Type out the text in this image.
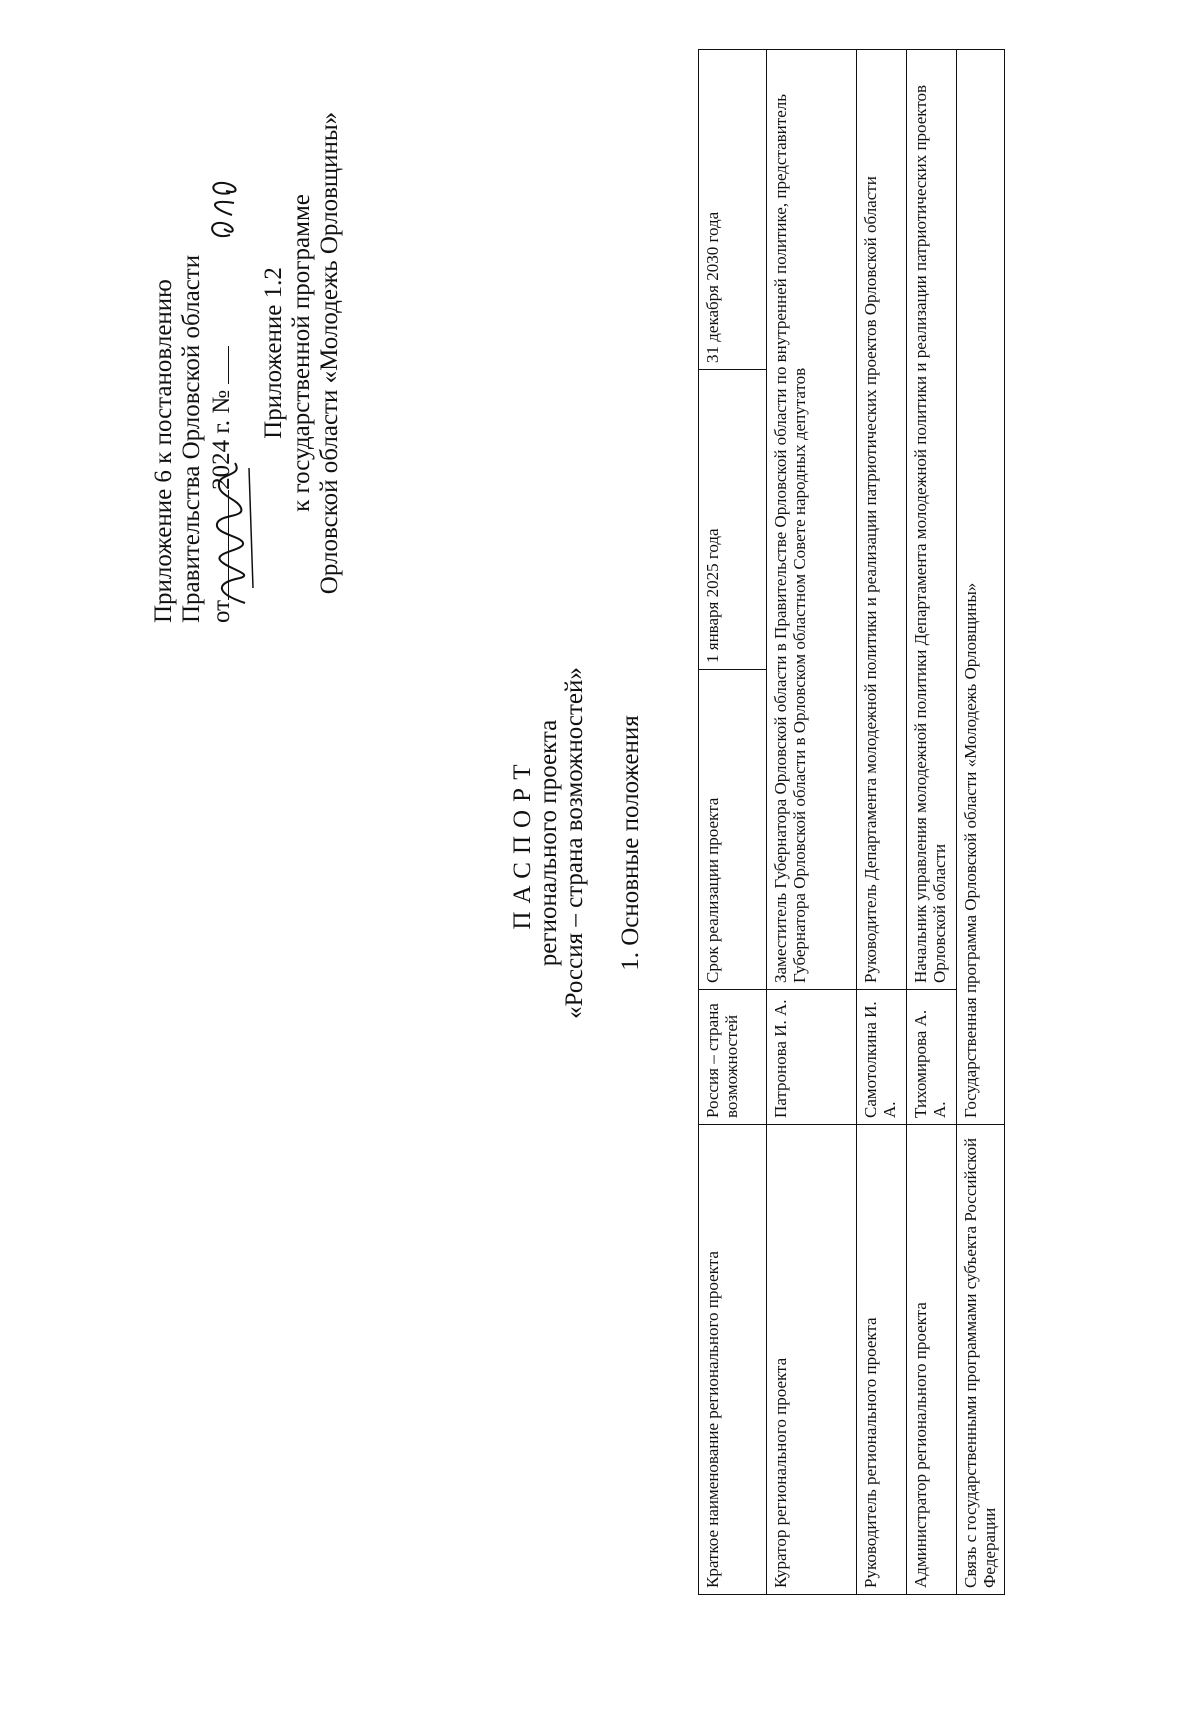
Приложение 6 к постановлению Правительства Орловской области от2024 г. №
Приложение 1.2 к государственной программе Орловской области «Молодежь Орловщины»
ПАСПОРТ регионального проекта «Россия – страна возможностей» 1. Основные положения
Краткое наименование регионального проекта	Россия – страна возможностей	Срок реализации проекта	1 января 2025 года	31 декабря 2030 года
Куратор регионального проекта	Патронова И. А.	Заместитель Губернатора Орловской области в Правительстве Орловской области по внутренней политике, представитель Губернатора Орловской области в Орловском областном Совете народных депутатов		
Руководитель регионального проекта	Самотолкина И. А.	Руководитель Департамента молодежной политики и реализации патриотических проектов Орловской области		
Администратор регионального проекта	Тихомирова А. А.	Начальник управления молодежной политики Департамента молодежной политики и реализации патриотических проектов Орловской области		
Связь с государственными программами субъекта Российской Федерации	Государственная программа Орловской области «Молодежь Орловщины»			
